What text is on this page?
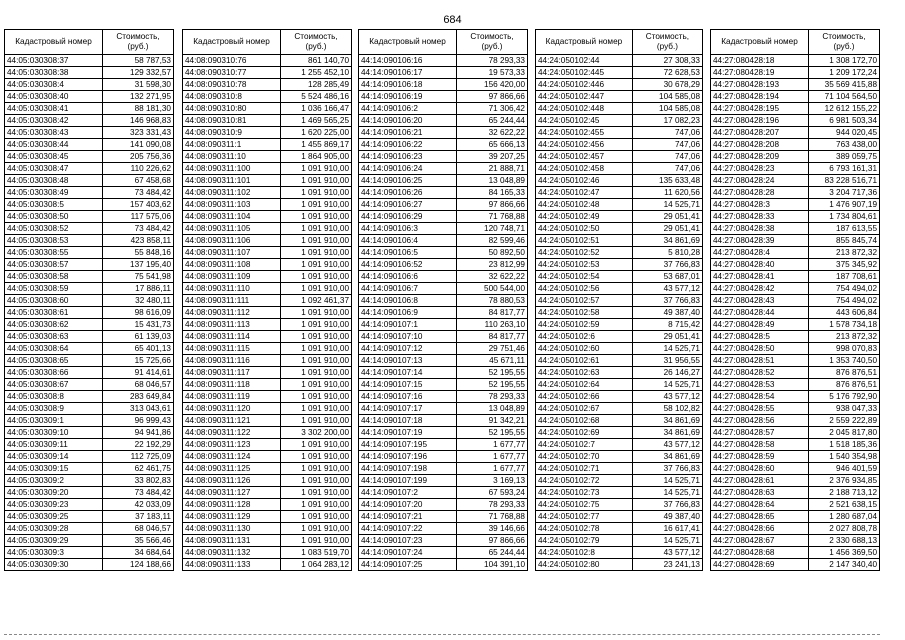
684
Кадастровый номер	Стоимость, (руб.)
44:05:030308:37	58 787,53
44:05:030308:38	129 332,57
44:05:030308:4	31 598,30
44:05:030308:40	132 271,95
44:05:030308:41	88 181,30
44:05:030308:42	146 968,83
44:05:030308:43	323 331,43
44:05:030308:44	141 090,08
44:05:030308:45	205 756,36
44:05:030308:47	110 226,62
44:05:030308:48	67 458,68
44:05:030308:49	73 484,42
44:05:030308:5	157 403,62
44:05:030308:50	117 575,06
44:05:030308:52	73 484,42
44:05:030308:53	423 858,11
44:05:030308:55	55 848,16
44:05:030308:57	137 195,40
44:05:030308:58	75 541,98
44:05:030308:59	17 886,11
44:05:030308:60	32 480,11
44:05:030308:61	98 616,09
44:05:030308:62	15 431,73
44:05:030308:63	61 139,03
44:05:030308:64	65 401,13
44:05:030308:65	15 725,66
44:05:030308:66	91 414,61
44:05:030308:67	68 046,57
44:05:030308:8	283 649,84
44:05:030308:9	313 043,61
44:05:030309:1	96 999,43
44:05:030309:10	94 941,86
44:05:030309:11	22 192,29
44:05:030309:14	112 725,09
44:05:030309:15	62 461,75
44:05:030309:2	33 802,83
44:05:030309:20	73 484,42
44:05:030309:23	42 033,09
44:05:030309:25	37 183,11
44:05:030309:28	68 046,57
44:05:030309:29	35 566,46
44:05:030309:3	34 684,64
44:05:030309:30	124 188,66
Кадастровый номер	Стоимость, (руб.)
44:08:090310:76	861 140,70
44:08:090310:77	1 255 452,10
44:08:090310:78	128 285,49
44:08:090310:8	5 524 486,16
44:08:090310:80	1 036 166,47
44:08:090310:81	1 469 565,25
44:08:090310:9	1 620 225,00
44:08:090311:1	1 455 869,17
44:08:090311:10	1 864 905,00
44:08:090311:100	1 091 910,00
44:08:090311:101	1 091 910,00
44:08:090311:102	1 091 910,00
44:08:090311:103	1 091 910,00
44:08:090311:104	1 091 910,00
44:08:090311:105	1 091 910,00
44:08:090311:106	1 091 910,00
44:08:090311:107	1 091 910,00
44:08:090311:108	1 091 910,00
44:08:090311:109	1 091 910,00
44:08:090311:110	1 091 910,00
44:08:090311:111	1 092 461,37
44:08:090311:112	1 091 910,00
44:08:090311:113	1 091 910,00
44:08:090311:114	1 091 910,00
44:08:090311:115	1 091 910,00
44:08:090311:116	1 091 910,00
44:08:090311:117	1 091 910,00
44:08:090311:118	1 091 910,00
44:08:090311:119	1 091 910,00
44:08:090311:120	1 091 910,00
44:08:090311:121	1 091 910,00
44:08:090311:122	3 302 200,00
44:08:090311:123	1 091 910,00
44:08:090311:124	1 091 910,00
44:08:090311:125	1 091 910,00
44:08:090311:126	1 091 910,00
44:08:090311:127	1 091 910,00
44:08:090311:128	1 091 910,00
44:08:090311:129	1 091 910,00
44:08:090311:130	1 091 910,00
44:08:090311:131	1 091 910,00
44:08:090311:132	1 083 519,70
44:08:090311:133	1 064 283,12
Кадастровый номер	Стоимость, (руб.)
44:14:090106:16	78 293,33
44:14:090106:17	19 573,33
44:14:090106:18	156 420,00
44:14:090106:19	97 866,66
44:14:090106:2	71 306,42
44:14:090106:20	65 244,44
44:14:090106:21	32 622,22
44:14:090106:22	65 666,13
44:14:090106:23	39 207,25
44:14:090106:24	21 888,71
44:14:090106:25	13 048,89
44:14:090106:26	84 165,33
44:14:090106:27	97 866,66
44:14:090106:29	71 768,88
44:14:090106:3	120 748,71
44:14:090106:4	82 599,46
44:14:090106:5	50 892,50
44:14:090106:52	23 812,99
44:14:090106:6	32 622,22
44:14:090106:7	500 544,00
44:14:090106:8	78 880,53
44:14:090106:9	84 817,77
44:14:090107:1	110 263,10
44:14:090107:10	84 817,77
44:14:090107:12	29 751,46
44:14:090107:13	45 671,11
44:14:090107:14	52 195,55
44:14:090107:15	52 195,55
44:14:090107:16	78 293,33
44:14:090107:17	13 048,89
44:14:090107:18	91 342,21
44:14:090107:19	52 195,55
44:14:090107:195	1 677,77
44:14:090107:196	1 677,77
44:14:090107:198	1 677,77
44:14:090107:199	3 169,13
44:14:090107:2	67 593,24
44:14:090107:20	78 293,33
44:14:090107:21	71 768,88
44:14:090107:22	39 146,66
44:14:090107:23	97 866,66
44:14:090107:24	65 244,44
44:14:090107:25	104 391,10
Кадастровый номер	Стоимость, (руб.)
44:24:050102:44	27 308,33
44:24:050102:445	72 628,53
44:24:050102:446	30 678,29
44:24:050102:447	104 585,08
44:24:050102:448	104 585,08
44:24:050102:45	17 082,23
44:24:050102:455	747,06
44:24:050102:456	747,06
44:24:050102:457	747,06
44:24:050102:458	747,06
44:24:050102:46	135 633,48
44:24:050102:47	11 620,56
44:24:050102:48	14 525,71
44:24:050102:49	29 051,41
44:24:050102:50	29 051,41
44:24:050102:51	34 861,69
44:24:050102:52	5 810,28
44:24:050102:53	37 766,83
44:24:050102:54	53 687,01
44:24:050102:56	43 577,12
44:24:050102:57	37 766,83
44:24:050102:58	49 387,40
44:24:050102:59	8 715,42
44:24:050102:6	29 051,41
44:24:050102:60	14 525,71
44:24:050102:61	31 956,55
44:24:050102:63	26 146,27
44:24:050102:64	14 525,71
44:24:050102:66	43 577,12
44:24:050102:67	58 102,82
44:24:050102:68	34 861,69
44:24:050102:69	34 861,69
44:24:050102:7	43 577,12
44:24:050102:70	34 861,69
44:24:050102:71	37 766,83
44:24:050102:72	14 525,71
44:24:050102:73	14 525,71
44:24:050102:75	37 766,83
44:24:050102:77	49 387,40
44:24:050102:78	16 617,41
44:24:050102:79	14 525,71
44:24:050102:8	43 577,12
44:24:050102:80	23 241,13
Кадастровый номер	Стоимость, (руб.)
44:27:080428:18	1 308 172,70
44:27:080428:19	1 209 172,24
44:27:080428:193	35 569 415,88
44:27:080428:194	71 104 564,50
44:27:080428:195	12 612 155,22
44:27:080428:196	6 981 503,34
44:27:080428:207	944 020,45
44:27:080428:208	763 438,00
44:27:080428:209	389 059,75
44:27:080428:23	6 793 161,31
44:27:080428:24	83 228 516,71
44:27:080428:28	3 204 717,36
44:27:080428:3	1 476 907,19
44:27:080428:33	1 734 804,61
44:27:080428:38	187 613,55
44:27:080428:39	855 845,74
44:27:080428:4	213 872,32
44:27:080428:40	375 345,92
44:27:080428:41	187 708,61
44:27:080428:42	754 494,02
44:27:080428:43	754 494,02
44:27:080428:44	443 606,84
44:27:080428:49	1 578 734,18
44:27:080428:5	213 872,32
44:27:080428:50	998 070,83
44:27:080428:51	1 353 740,50
44:27:080428:52	876 876,51
44:27:080428:53	876 876,51
44:27:080428:54	5 176 792,90
44:27:080428:55	938 047,33
44:27:080428:56	2 559 222,89
44:27:080428:57	2 045 817,80
44:27:080428:58	1 518 185,36
44:27:080428:59	1 540 354,98
44:27:080428:60	946 401,59
44:27:080428:61	2 376 934,85
44:27:080428:63	2 188 713,12
44:27:080428:64	2 521 638,15
44:27:080428:65	1 280 687,04
44:27:080428:66	2 027 808,78
44:27:080428:67	2 330 688,13
44:27:080428:68	1 456 369,50
44:27:080428:69	2 147 340,40
